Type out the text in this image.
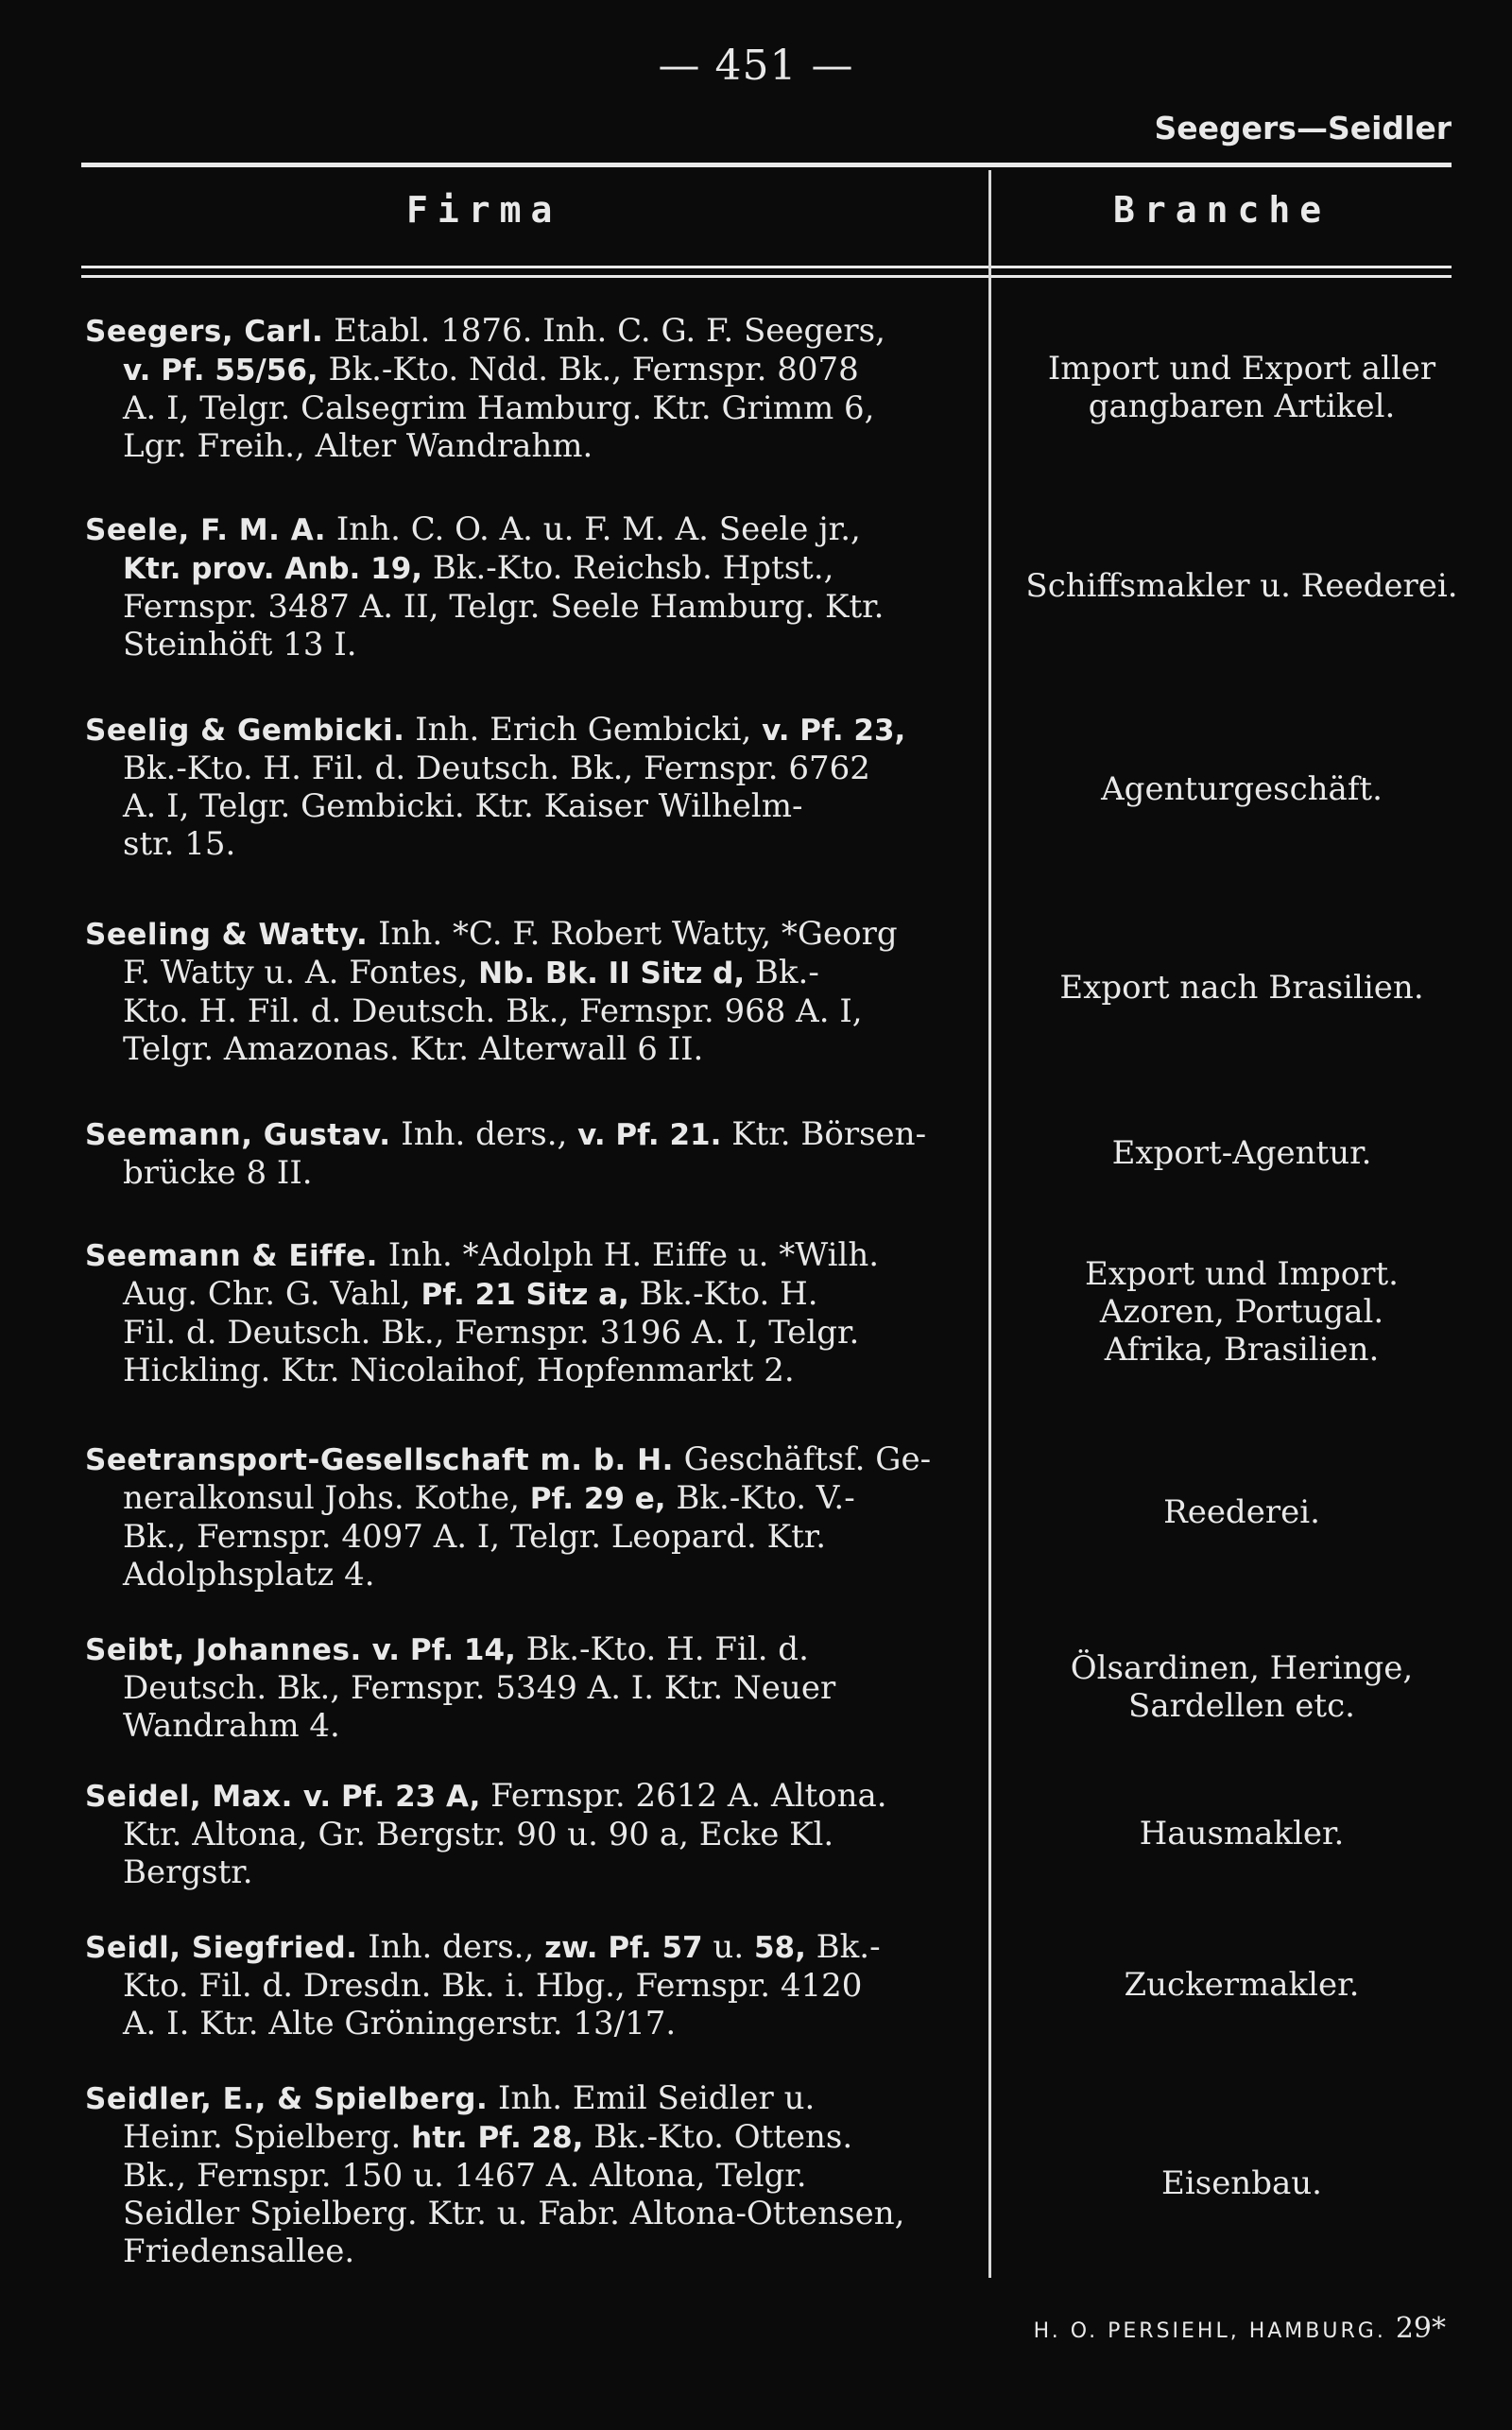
— 451 —
Seegers—Seidler
Firma	Branche
Seegers, Carl. Etabl. 1876. Inh. C. G. F. Seegers,
v. Pf. 55/56, Bk.-Kto. Ndd. Bk., Fernspr. 8078
A. I, Telgr. Calsegrim Hamburg. Ktr. Grimm 6,
Lgr. Freih., Alter Wandrahm.
Import und Export aller
gangbaren Artikel.
Seele, F. M. A. Inh. C. O. A. u. F. M. A. Seele jr.,
Ktr. prov. Anb. 19, Bk.-Kto. Reichsb. Hptst.,
Fernspr. 3487 A. II, Telgr. Seele Hamburg. Ktr.
Steinhöft 13 I.
Schiffsmakler u. Reederei.
Seelig & Gembicki. Inh. Erich Gembicki, v. Pf. 23,
Bk.-Kto. H. Fil. d. Deutsch. Bk., Fernspr. 6762
A. I, Telgr. Gembicki. Ktr. Kaiser Wilhelm-
str. 15.
Agenturgeschäft.
Seeling & Watty. Inh. *C. F. Robert Watty, *Georg
F. Watty u. A. Fontes, Nb. Bk. II Sitz d, Bk.-
Kto. H. Fil. d. Deutsch. Bk., Fernspr. 968 A. I,
Telgr. Amazonas. Ktr. Alterwall 6 II.
Export nach Brasilien.
Seemann, Gustav. Inh. ders., v. Pf. 21. Ktr. Börsen-
brücke 8 II.
Export-Agentur.
Seemann & Eiffe. Inh. *Adolph H. Eiffe u. *Wilh.
Aug. Chr. G. Vahl, Pf. 21 Sitz a, Bk.-Kto. H.
Fil. d. Deutsch. Bk., Fernspr. 3196 A. I, Telgr.
Hickling. Ktr. Nicolaihof, Hopfenmarkt 2.
Export und Import.
Azoren, Portugal.
Afrika, Brasilien.
Seetransport-Gesellschaft m. b. H. Geschäftsf. Ge-
neralkonsul Johs. Kothe, Pf. 29 e, Bk.-Kto. V.-
Bk., Fernspr. 4097 A. I, Telgr. Leopard. Ktr.
Adolphsplatz 4.
Reederei.
Seibt, Johannes. v. Pf. 14, Bk.-Kto. H. Fil. d.
Deutsch. Bk., Fernspr. 5349 A. I. Ktr. Neuer
Wandrahm 4.
Ölsardinen, Heringe,
Sardellen etc.
Seidel, Max. v. Pf. 23 A, Fernspr. 2612 A. Altona.
Ktr. Altona, Gr. Bergstr. 90 u. 90 a, Ecke Kl.
Bergstr.
Hausmakler.
Seidl, Siegfried. Inh. ders., zw. Pf. 57 u. 58, Bk.-
Kto. Fil. d. Dresdn. Bk. i. Hbg., Fernspr. 4120
A. I. Ktr. Alte Gröningerstr. 13/17.
Zuckermakler.
Seidler, E., & Spielberg. Inh. Emil Seidler u.
Heinr. Spielberg. htr. Pf. 28, Bk.-Kto. Ottens.
Bk., Fernspr. 150 u. 1467 A. Altona, Telgr.
Seidler Spielberg. Ktr. u. Fabr. Altona-Ottensen,
Friedensallee.
Eisenbau.
H. O. PERSIEHL, HAMBURG. 29*
